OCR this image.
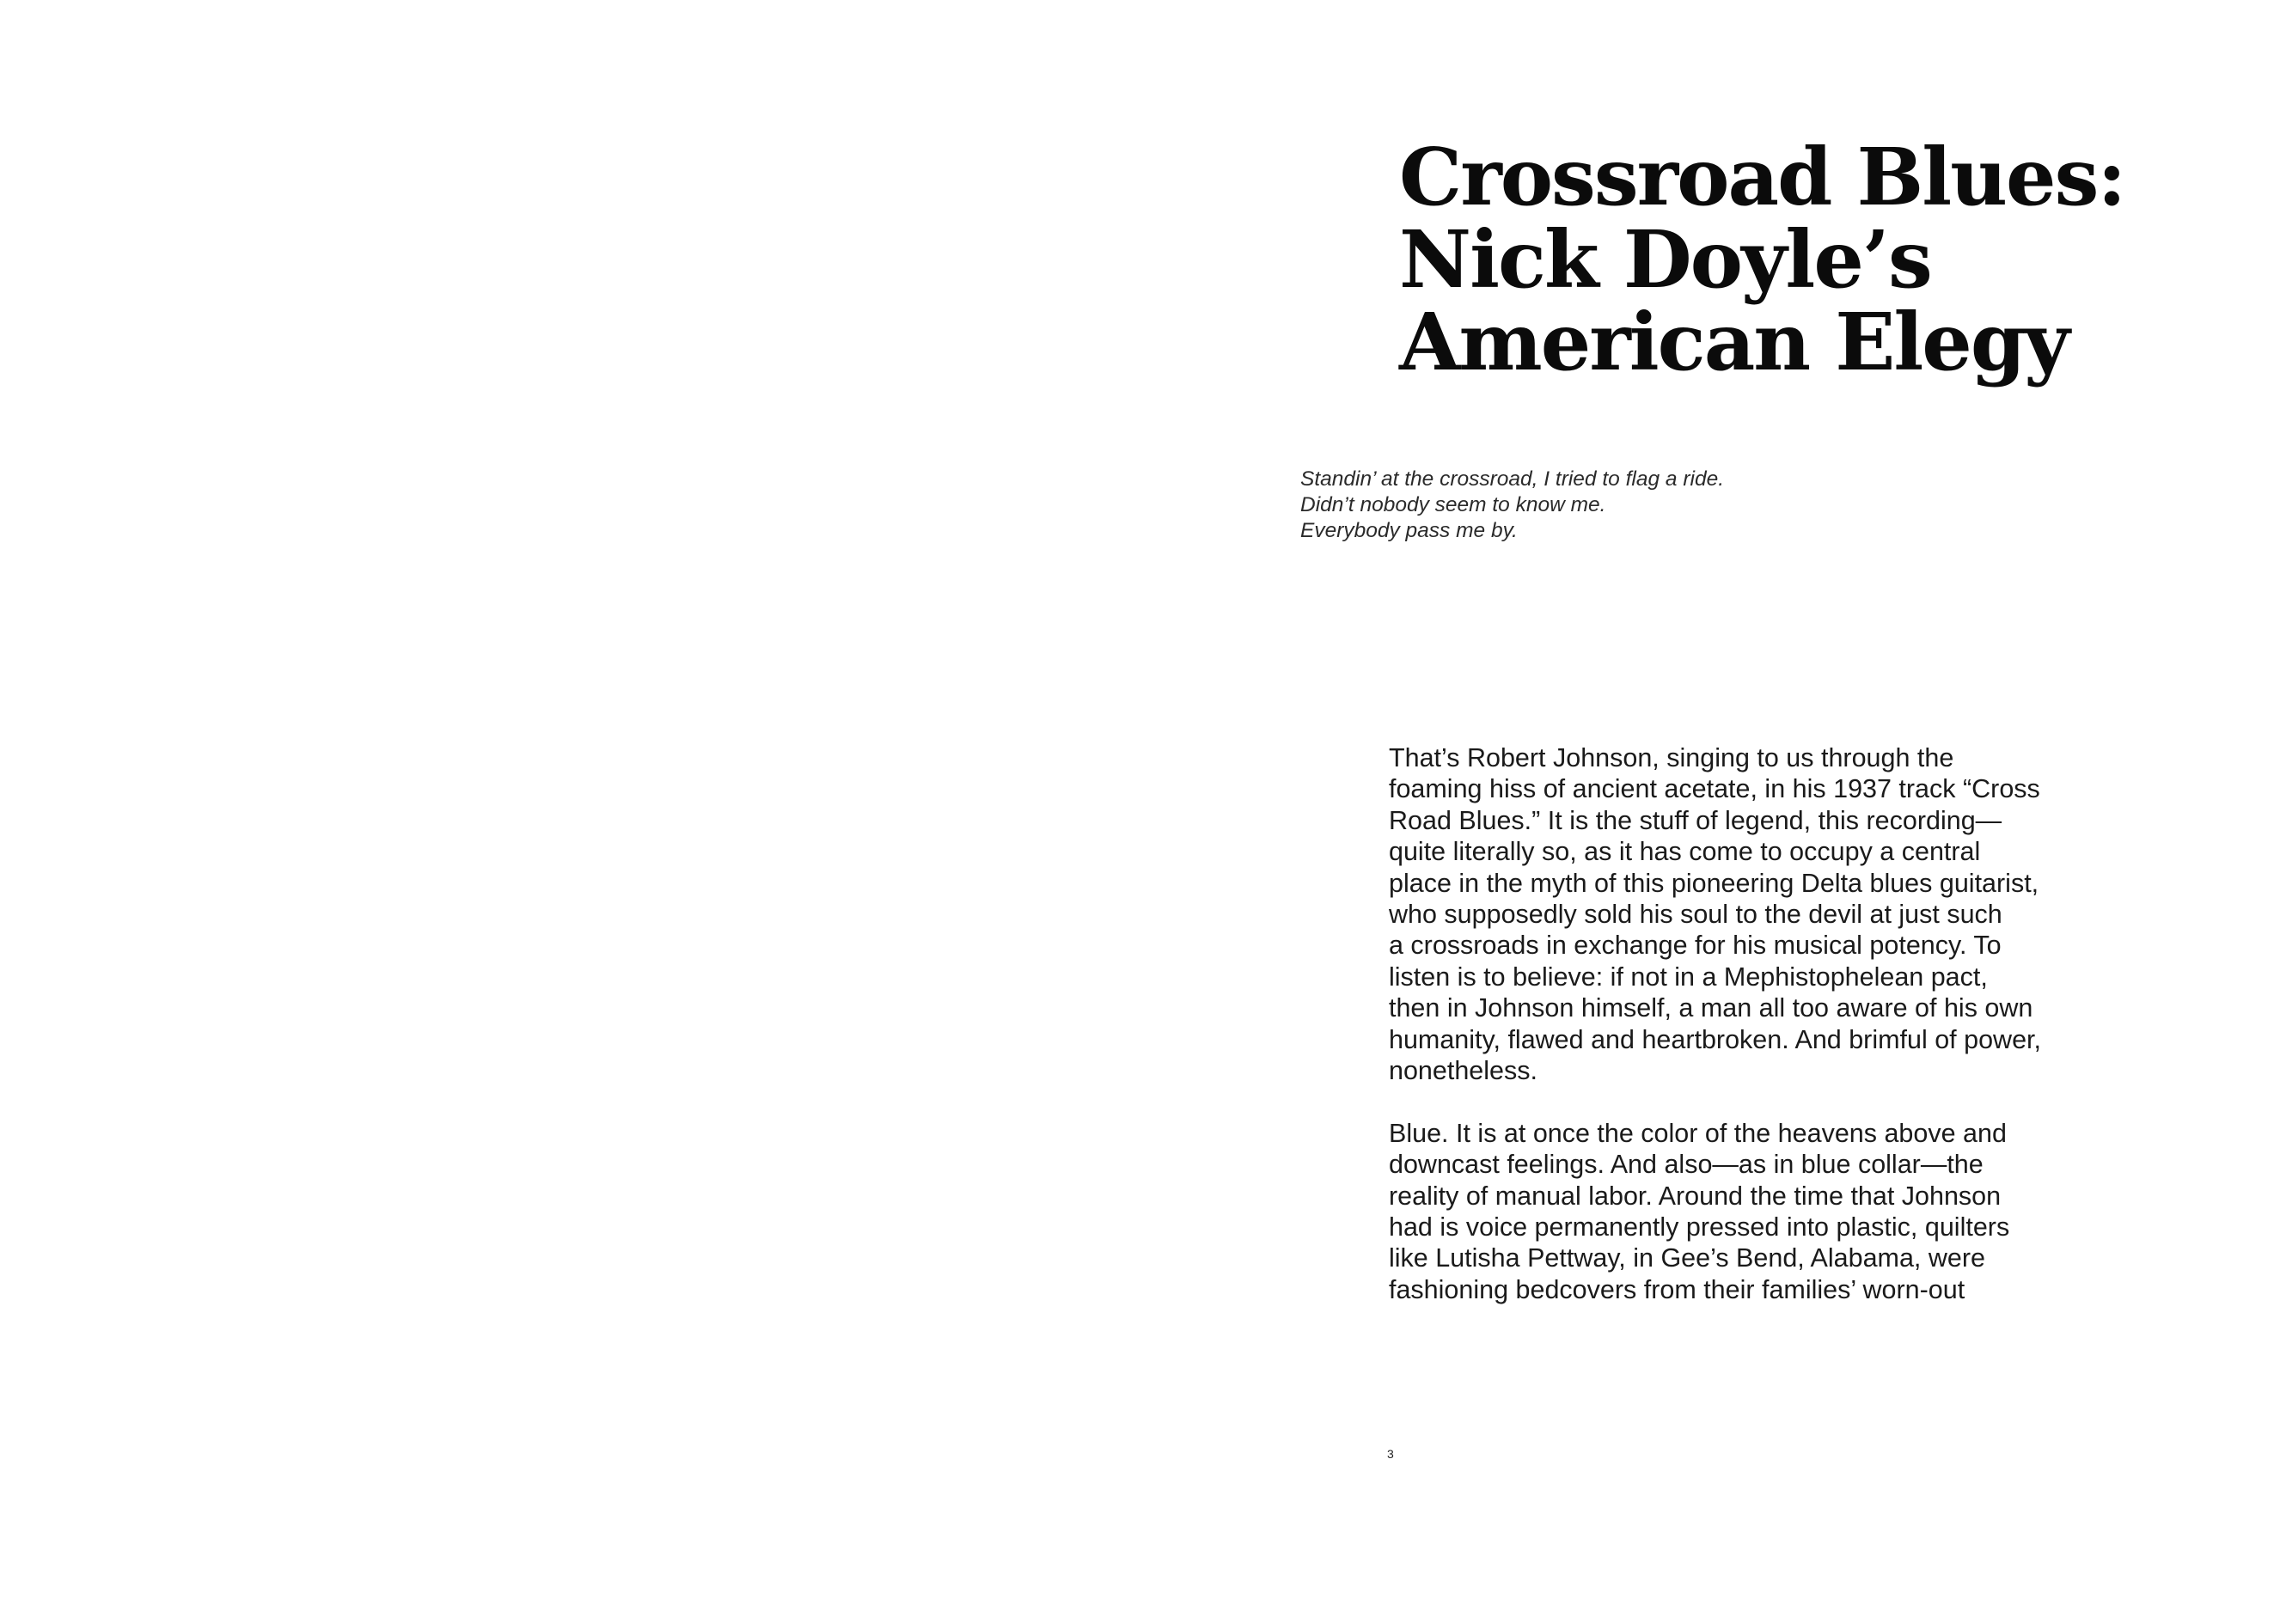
Crossroad Blues:
Nick Doyle’s
American Elegy
Standin’ at the crossroad, I tried to flag a ride.
Didn’t nobody seem to know me.
Everybody pass me by.

That’s Robert Johnson, singing to us through the
foaming hiss of ancient acetate, in his 1937 track “Cross
Road Blues.” It is the stuff of legend, this recording—
quite literally so, as it has come to occupy a central
place in the myth of this pioneering Delta blues guitarist,
who supposedly sold his soul to the devil at just such
a crossroads in exchange for his musical potency. To
listen is to believe: if not in a Mephistophelean pact,
then in Johnson himself, a man all too aware of his own
humanity, flawed and heartbroken. And brimful of power,
nonetheless.

Blue. It is at once the color of the heavens above and
downcast feelings. And also—as in blue collar—the
reality of manual labor. Around the time that Johnson
had is voice permanently pressed into plastic, quilters
like Lutisha Pettway, in Gee’s Bend, Alabama, were
fashioning bedcovers from their families’ worn-out

3
